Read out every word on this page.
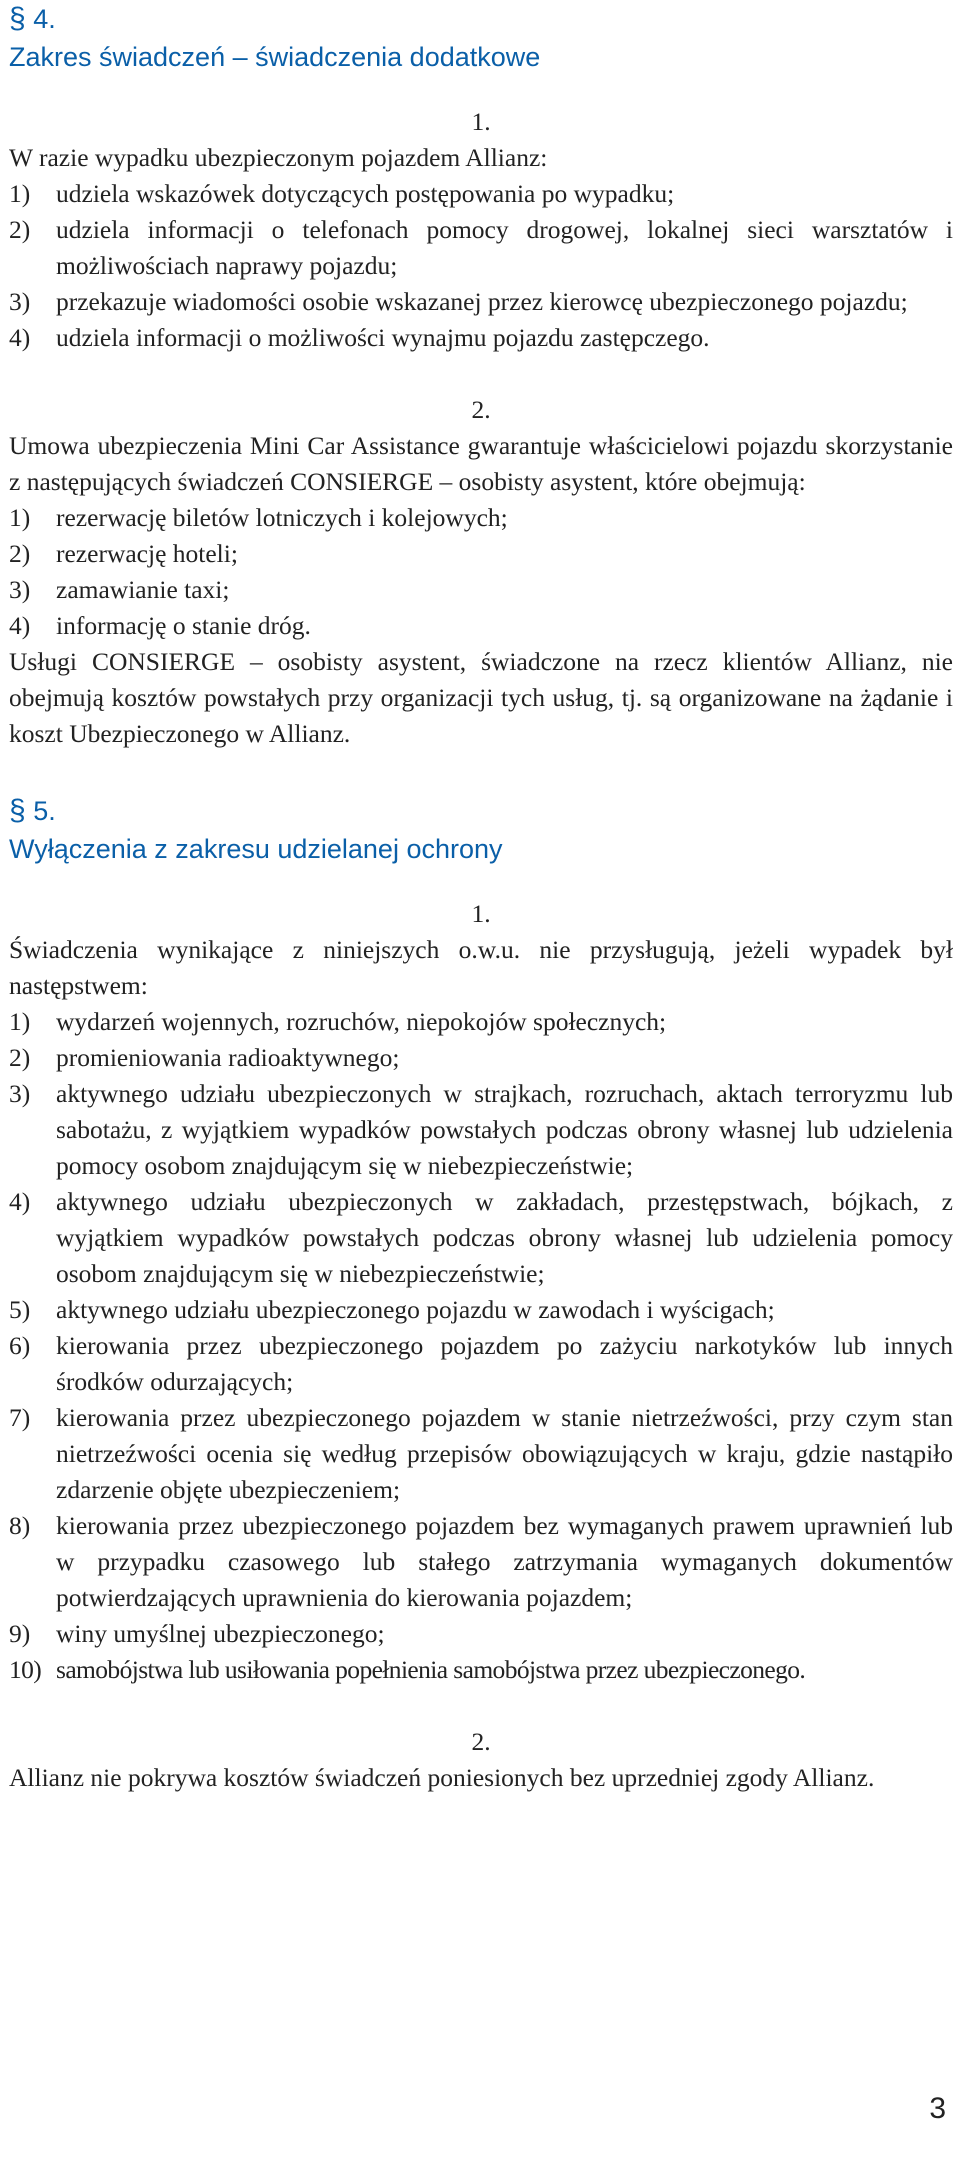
§ 4.
Zakres świadczeń – świadczenia dodatkowe
1.

W razie wypadku ubezpieczonym pojazdem Allianz:

1) udziela wskazówek dotyczących postępowania po wypadku;
2) udziela informacji o telefonach pomocy drogowej, lokalnej sieci warsztatów i możliwościach naprawy pojazdu;
3) przekazuje wiadomości osobie wskazanej przez kierowcę ubezpieczonego pojazdu;
4) udziela informacji o możliwości wynajmu pojazdu zastępczego.
2.

Umowa ubezpieczenia Mini Car Assistance gwarantuje właścicielowi pojazdu skorzystanie z następujących świadczeń CONSIERGE – osobisty asystent, które obejmują:

1) rezerwację biletów lotniczych i kolejowych;
2) rezerwację hoteli;
3) zamawianie taxi;
4) informację o stanie dróg.

Usługi CONSIERGE – osobisty asystent, świadczone na rzecz klientów Allianz, nie obejmują kosztów powstałych przy organizacji tych usług, tj. są organizowane na żądanie i koszt Ubezpieczonego w Allianz.

§ 5.
Wyłączenia z zakresu udzielanej ochrony
1.

Świadczenia wynikające z niniejszych o.w.u. nie przysługują, jeżeli wypadek był następstwem:

1) wydarzeń wojennych, rozruchów, niepokojów społecznych;
2) promieniowania radioaktywnego;
3) aktywnego udziału ubezpieczonych w strajkach, rozruchach, aktach terroryzmu lub sabotażu, z wyjątkiem wypadków powstałych podczas obrony własnej lub udzielenia pomocy osobom znajdującym się w niebezpieczeństwie;
4) aktywnego udziału ubezpieczonych w zakładach, przestępstwach, bójkach, z wyjątkiem wypadków powstałych podczas obrony własnej lub udzielenia pomocy osobom znajdującym się w niebezpieczeństwie;
5) aktywnego udziału ubezpieczonego pojazdu w zawodach i wyścigach;
6) kierowania przez ubezpieczonego pojazdem po zażyciu narkotyków lub innych środków odurzających;
7) kierowania przez ubezpieczonego pojazdem w stanie nietrzeźwości, przy czym stan nietrzeźwości ocenia się według przepisów obowiązujących w kraju, gdzie nastąpiło zdarzenie objęte ubezpieczeniem;
8) kierowania przez ubezpieczonego pojazdem bez wymaganych prawem uprawnień lub w przypadku czasowego lub stałego zatrzymania wymaganych dokumentów potwierdzających uprawnienia do kierowania pojazdem;
9) winy umyślnej ubezpieczonego;
10) samobójstwa lub usiłowania popełnienia samobójstwa przez ubezpieczonego.
2.

Allianz nie pokrywa kosztów świadczeń poniesionych bez uprzedniej zgody Allianz.

3
